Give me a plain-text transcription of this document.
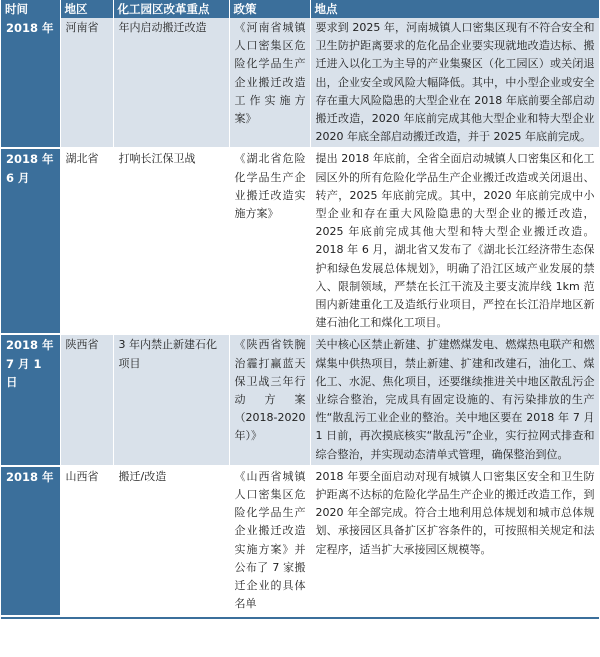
时间	地区	化工园区改革重点	政策	地点
2018 年	河南省	年内启动搬迁改造	《河南省城镇人口密集区危险化学品生产企业搬迁改造工作实施方案》	要求到 2025 年，河南城镇人口密集区现有不符合安全和卫生防护距离要求的危化品企业要实现就地改造达标、搬迁进入以化工为主导的产业集聚区（化工园区）或关闭退出，企业安全或风险大幅降低。其中，中小型企业或安全存在重大风险隐患的大型企业在 2018 年底前要全部启动搬迁改造，2020 年底前完成其他大型企业和特大型企业 2020 年底全部启动搬迁改造，并于 2025 年底前完成。
2018 年 6 月	湖北省	打响长江保卫战	《湖北省危险化学品生产企业搬迁改造实施方案》	提出 2018 年底前，全省全面启动城镇人口密集区和化工园区外的所有危险化学品生产企业搬迁改造或关闭退出、转产，2025 年底前完成。其中，2020 年底前完成中小型企业和存在重大风险隐患的大型企业的搬迁改造，2025 年底前完成其他大型和特大型企业搬迁改造。2018 年 6 月，湖北省又发布了《湖北长江经济带生态保护和绿色发展总体规划》，明确了沿江区域产业发展的禁入、限制领域，严禁在长江干流及主要支流岸线 1km 范围内新建重化工及造纸行业项目，严控在长江沿岸地区新建石油化工和煤化工项目。
2018 年 7 月 1 日	陕西省	3 年内禁止新建石化项目	《陕西省铁腕治霾打赢蓝天保卫战三年行动方案（2018-2020 年）》	关中核心区禁止新建、扩建燃煤发电、燃煤热电联产和燃煤集中供热项目，禁止新建、扩建和改建石，油化工、煤化工、水泥、焦化项目，还要继续推进关中地区散乱污企业综合整治，完成具有固定设施的、有污染排放的生产性“散乱污工业企业的整治。关中地区要在 2018 年 7 月 1 日前，再次摸底核实“散乱污”企业，实行拉网式排查和综合整治，并实现动态清单式管理，确保整治到位。
2018 年	山西省	搬迁/改造	《山西省城镇人口密集区危险化学品生产企业搬迁改造实施方案》并公布了 7 家搬迁企业的具体名单	2018 年要全面启动对现有城镇人口密集区安全和卫生防护距离不达标的危险化学品生产企业的搬迁改造工作，到 2020 年全部完成。符合土地利用总体规划和城市总体规划、承接园区具备扩区扩容条件的，可按照相关规定和法定程序，适当扩大承接园区规模等。
